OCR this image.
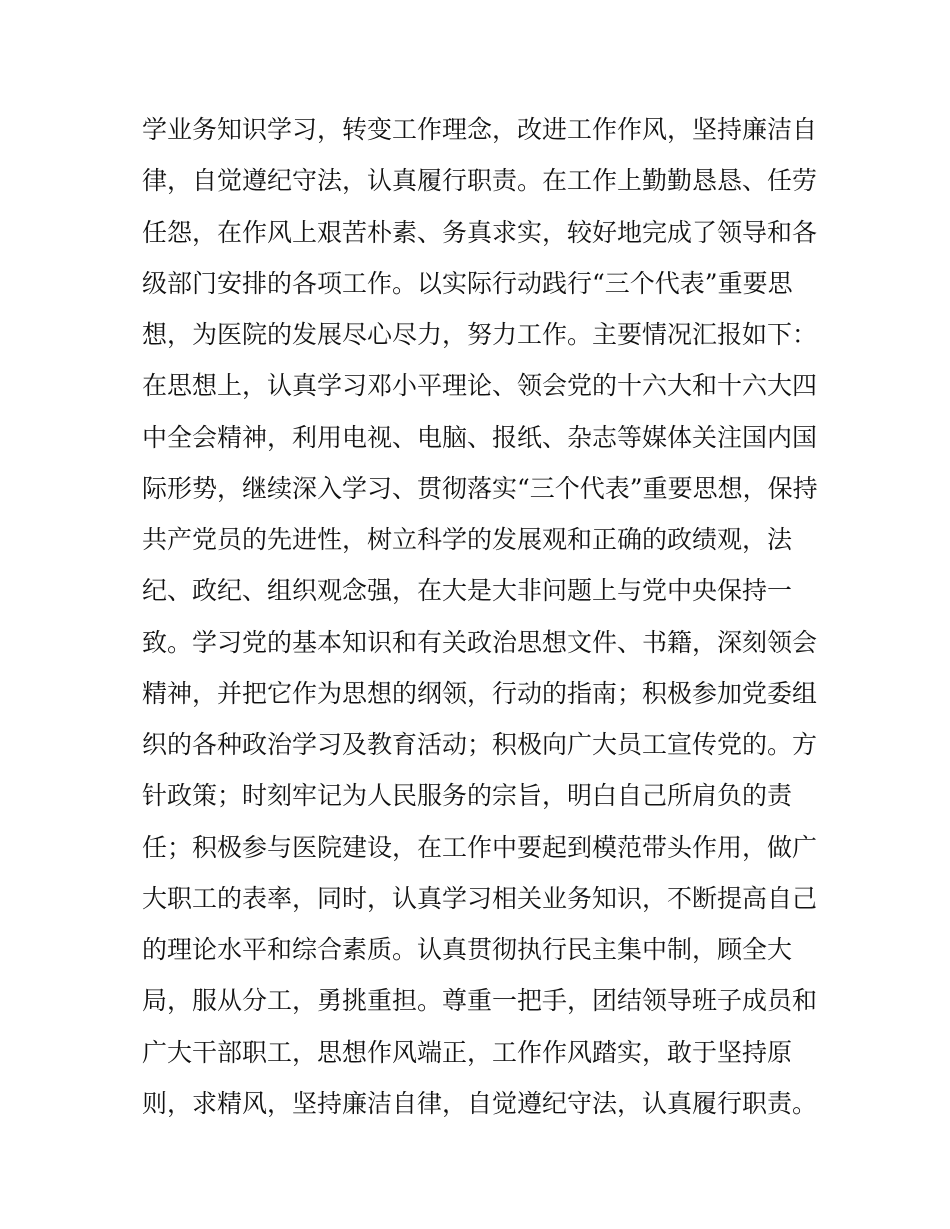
学业务知识学习，转变工作理念，改进工作作风，坚持廉洁自
律，自觉遵纪守法，认真履行职责。在工作上勤勤恳恳、任劳
任怨，在作风上艰苦朴素、务真求实，较好地完成了领导和各
级部门安排的各项工作。以实际行动践行“三个代表”重要思
想，为医院的发展尽心尽力，努力工作。主要情况汇报如下：
在思想上，认真学习邓小平理论、领会党的十六大和十六大四
中全会精神，利用电视、电脑、报纸、杂志等媒体关注国内国
际形势，继续深入学习、贯彻落实“三个代表”重要思想，保持
共产党员的先进性，树立科学的发展观和正确的政绩观，法
纪、政纪、组织观念强，在大是大非问题上与党中央保持一
致。学习党的基本知识和有关政治思想文件、书籍，深刻领会
精神，并把它作为思想的纲领，行动的指南；积极参加党委组
织的各种政治学习及教育活动；积极向广大员工宣传党的。方
针政策；时刻牢记为人民服务的宗旨，明白自己所肩负的责
任；积极参与医院建设，在工作中要起到模范带头作用，做广
大职工的表率，同时，认真学习相关业务知识，不断提高自己
的理论水平和综合素质。认真贯彻执行民主集中制，顾全大
局，服从分工，勇挑重担。尊重一把手，团结领导班子成员和
广大干部职工，思想作风端正，工作作风踏实，敢于坚持原
则，求精风，坚持廉洁自律，自觉遵纪守法，认真履行职责。
